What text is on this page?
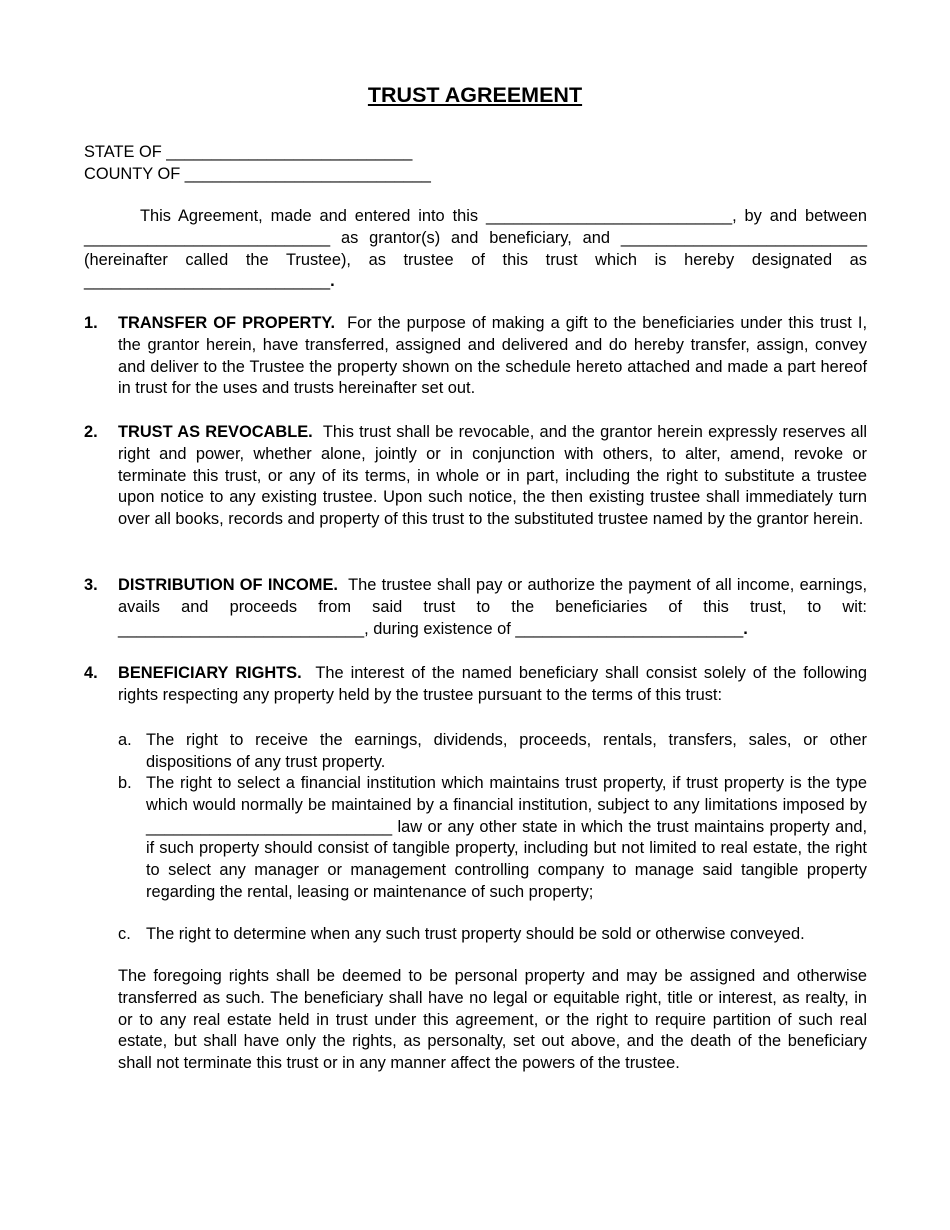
TRUST AGREEMENT
STATE OF ___________________________
COUNTY OF ___________________________
This Agreement, made and entered into this ___________________________, by and between ___________________________ as grantor(s) and beneficiary, and ___________________________ (hereinafter called the Trustee), as trustee of this trust which is hereby designated as ___________________________.
1. TRANSFER OF PROPERTY. For the purpose of making a gift to the beneficiaries under this trust I, the grantor herein, have transferred, assigned and delivered and do hereby transfer, assign, convey and deliver to the Trustee the property shown on the schedule hereto attached and made a part hereof in trust for the uses and trusts hereinafter set out.
2. TRUST AS REVOCABLE. This trust shall be revocable, and the grantor herein expressly reserves all right and power, whether alone, jointly or in conjunction with others, to alter, amend, revoke or terminate this trust, or any of its terms, in whole or in part, including the right to substitute a trustee upon notice to any existing trustee. Upon such notice, the then existing trustee shall immediately turn over all books, records and property of this trust to the substituted trustee named by the grantor herein.
3. DISTRIBUTION OF INCOME. The trustee shall pay or authorize the payment of all income, earnings, avails and proceeds from said trust to the beneficiaries of this trust, to wit: ___________________________, during existence of _________________________.
4. BENEFICIARY RIGHTS. The interest of the named beneficiary shall consist solely of the following rights respecting any property held by the trustee pursuant to the terms of this trust:
a. The right to receive the earnings, dividends, proceeds, rentals, transfers, sales, or other dispositions of any trust property.
b. The right to select a financial institution which maintains trust property, if trust property is the type which would normally be maintained by a financial institution, subject to any limitations imposed by ___________________________ law or any other state in which the trust maintains property and, if such property should consist of tangible property, including but not limited to real estate, the right to select any manager or management controlling company to manage said tangible property regarding the rental, leasing or maintenance of such property;
c. The right to determine when any such trust property should be sold or otherwise conveyed.
The foregoing rights shall be deemed to be personal property and may be assigned and otherwise transferred as such. The beneficiary shall have no legal or equitable right, title or interest, as realty, in or to any real estate held in trust under this agreement, or the right to require partition of such real estate, but shall have only the rights, as personalty, set out above, and the death of the beneficiary shall not terminate this trust or in any manner affect the powers of the trustee.
